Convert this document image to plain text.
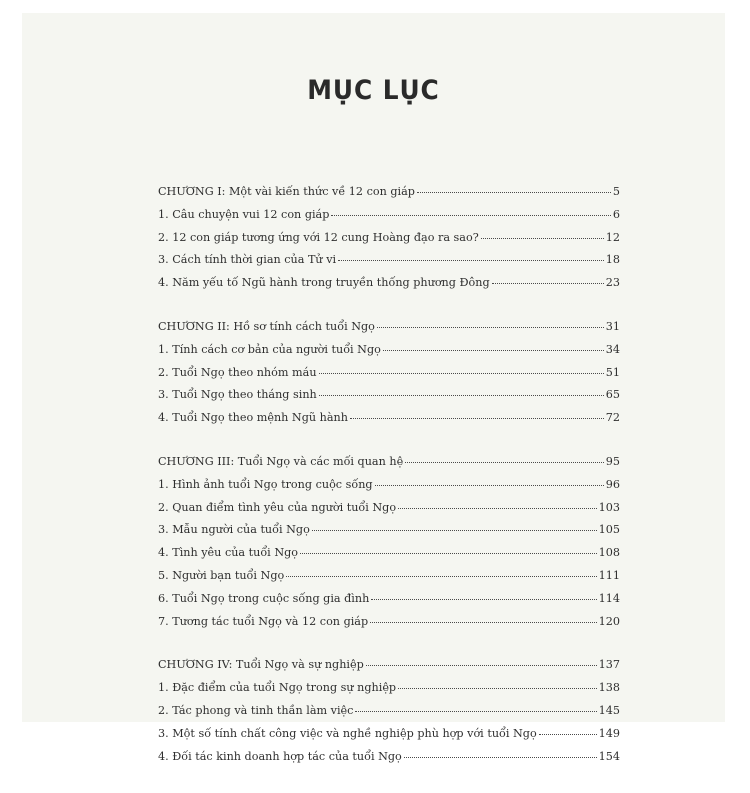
MỤC LỤC
CHƯƠNG I: Một vài kiến thức về 12 con giáp	5
1. Câu chuyện vui 12 con giáp	6
2. 12 con giáp tương ứng với 12 cung Hoàng đạo ra sao?	12
3. Cách tính thời gian của Tử vi	18
4. Năm yếu tố Ngũ hành trong truyền thống phương Đông	23
CHƯƠNG II: Hồ sơ tính cách tuổi Ngọ	31
1. Tính cách cơ bản của người tuổi Ngọ	34
2. Tuổi Ngọ theo nhóm máu	51
3. Tuổi Ngọ theo tháng sinh	65
4. Tuổi Ngọ theo mệnh Ngũ hành	72
CHƯƠNG III: Tuổi Ngọ và các mối quan hệ	95
1. Hình ảnh tuổi Ngọ trong cuộc sống	96
2. Quan điểm tình yêu của người tuổi Ngọ	103
3. Mẫu người của tuổi Ngọ	105
4. Tình yêu của tuổi Ngọ	108
5. Người bạn tuổi Ngọ	111
6. Tuổi Ngọ trong cuộc sống gia đình	114
7. Tương tác tuổi Ngọ và 12 con giáp	120
CHƯƠNG IV: Tuổi Ngọ và sự nghiệp	137
1. Đặc điểm của tuổi Ngọ trong sự nghiệp	138
2. Tác phong và tinh thần làm việc	145
3. Một số tính chất công việc và nghề nghiệp phù hợp với tuổi Ngọ	149
4. Đối tác kinh doanh hợp tác của tuổi Ngọ	154
